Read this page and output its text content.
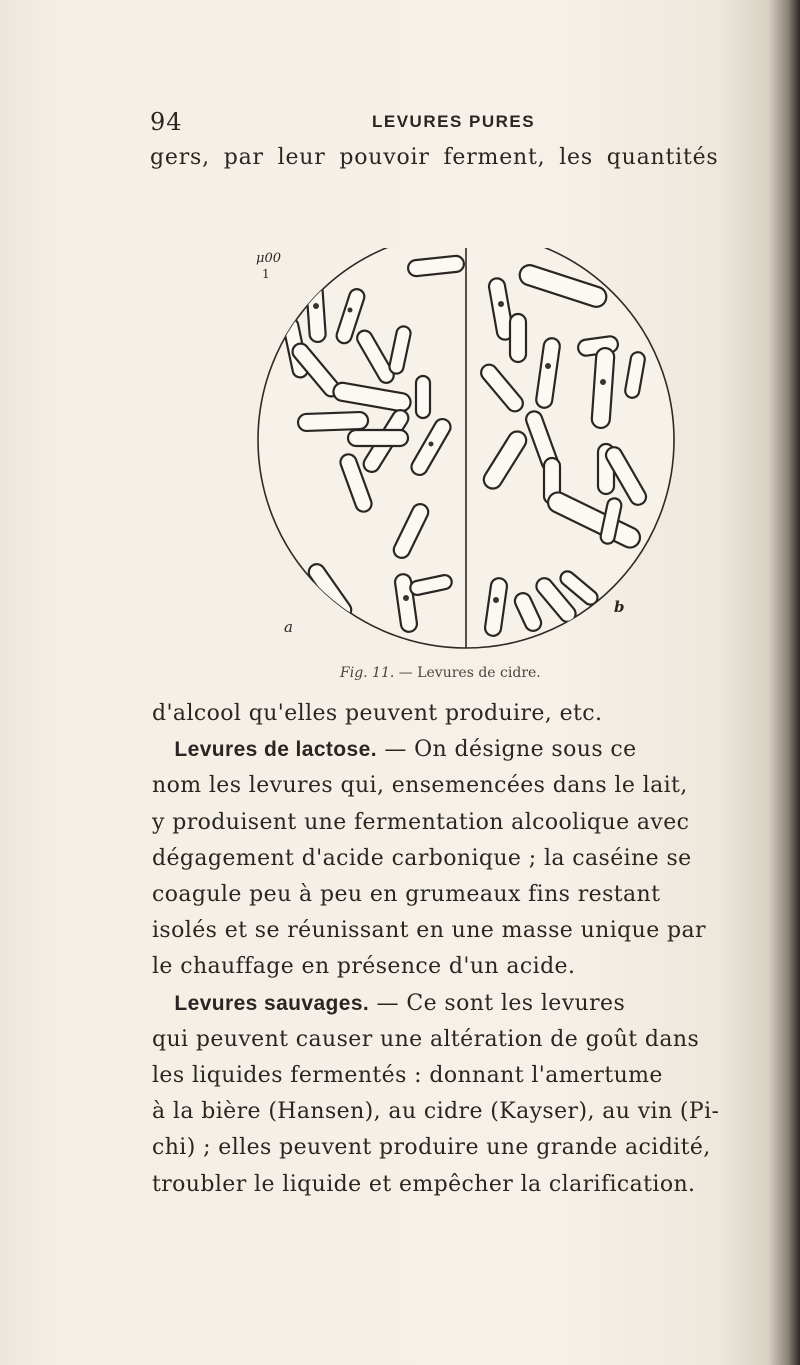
94	LEVURES PURES
gers, par leur pouvoir ferment, les quantités
μ00
1
a
b
Fig. 11. — Levures de cidre.
d'alcool qu'elles peuvent produire, etc.
 Levures de lactose. — On désigne sous ce
nom les levures qui, ensemencées dans le lait,
y produisent une fermentation alcoolique avec
dégagement d'acide carbonique ; la caséine se
coagule peu à peu en grumeaux fins restant
isolés et se réunissant en une masse unique par
le chauffage en présence d'un acide.
 Levures sauvages. — Ce sont les levures
qui peuvent causer une altération de goût dans
les liquides fermentés : donnant l'amertume
à la bière (Hansen), au cidre (Kayser), au vin (Pi-
chi) ; elles peuvent produire une grande acidité,
troubler le liquide et empêcher la clarification.
